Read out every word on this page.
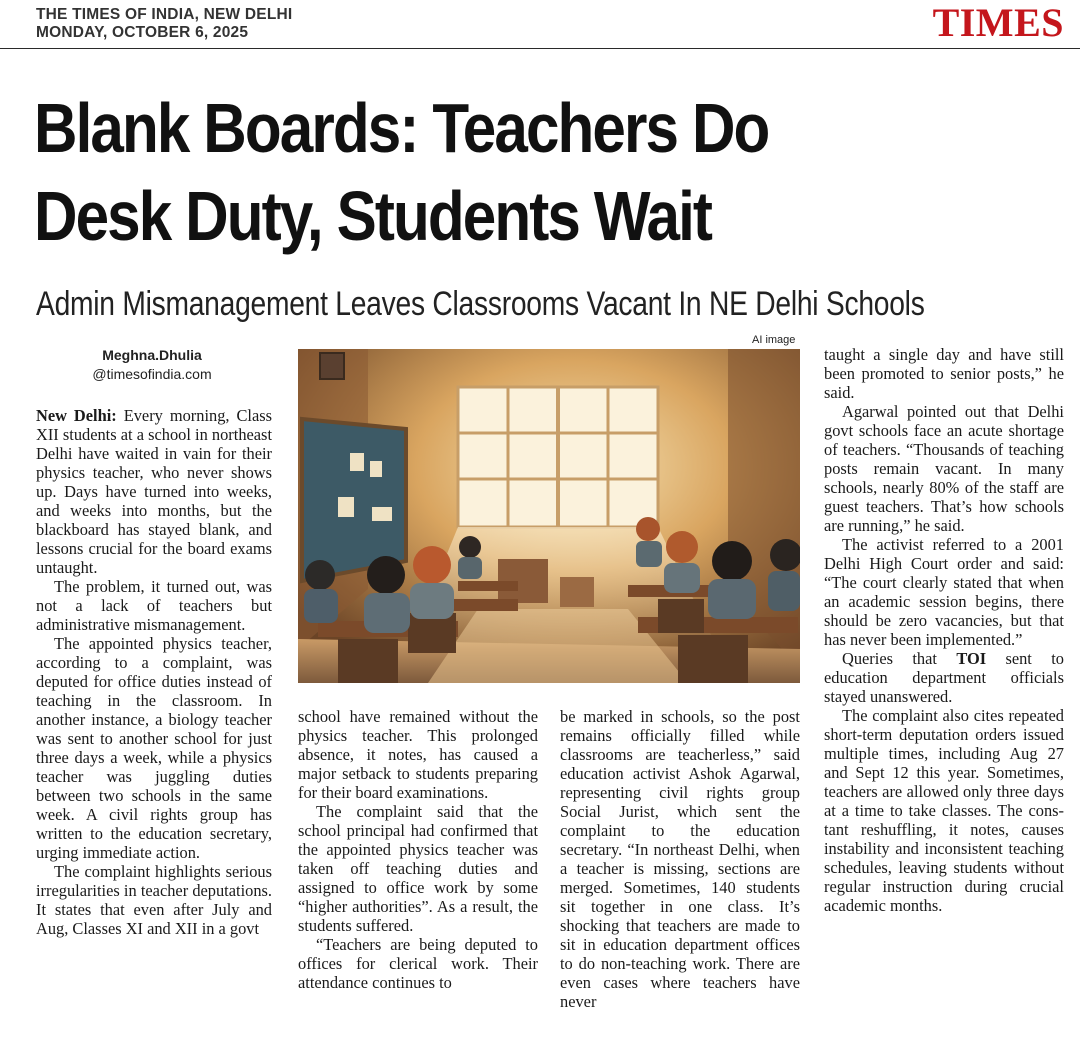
THE TIMES OF INDIA, NEW DELHI
MONDAY, OCTOBER 6, 2025	TIMES
Blank Boards: Teachers Do
Desk Duty, Students Wait
Admin Mismanagement Leaves Classrooms Vacant In NE Delhi Schools
Meghna.Dhulia
@timesofindia.com
AI image

New Delhi: Every morning, Class XII students at a school in northeast Delhi have waited in vain for their physics teacher, who never shows up. Days have turned into weeks, and weeks into months, but the blackboard has stayed blank, and lessons crucial for the board exams untaught.

The problem, it turned out, was not a lack of teachers but administrative mismanagement.

The appointed physics teacher, according to a complaint, was deputed for office duties instead of teaching in the classroom. In another instance, a biology teacher was sent to another school for just three days a week, while a physics teacher was juggling duties between two schools in the same week. A civil rights group has written to the education secretary, urging immediate action.

The complaint highlights serious irregularities in teacher deputations. It states that even after July and Aug, Classes XI and XII in a govt

school have remained without the physics teacher. This prolonged absence, it notes, has caused a major setback to students preparing for their board examinations.

The complaint said that the school principal had confirmed that the appointed physics teacher was taken off teaching duties and assigned to office work by some “higher authorities”. As a result, the students suffered.

“Teachers are being deputed to offices for clerical work. Their attendance continues to

be marked in schools, so the post remains officially filled while classrooms are teacherless,” said education activist Ashok Agarwal, representing civil rights group Social Jurist, which sent the complaint to the education secretary. “In northeast Delhi, when a teacher is missing, sections are merged. Sometimes, 140 students sit together in one class. It’s shocking that teachers are made to sit in education department offices to do non-teaching work. There are even cases where teachers have never

taught a single day and have still been promoted to senior posts,” he said.

Agarwal pointed out that Delhi govt schools face an acute shortage of teachers. “Thousands of teaching posts remain vacant. In many schools, nearly 80% of the staff are guest teachers. That’s how schools are running,” he said.

The activist referred to a 2001 Delhi High Court order and said: “The court clearly stated that when an academic session begins, there should be zero vacancies, but that has never been implemented.”

Queries that TOI sent to education department officials stayed unanswered.

The complaint also cites repeated short-term deputation orders issued multiple times, including Aug 27 and Sept 12 this year. Sometimes, teachers are allowed only three days at a time to take classes. The constant reshuffling, it notes, causes instability and inconsistent teaching schedules, leaving students without regular instruction during crucial academic months.
